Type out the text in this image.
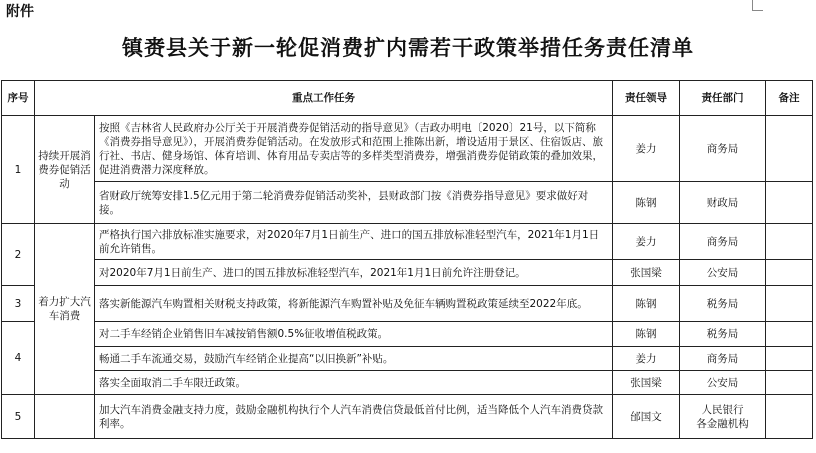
附件
镇赉县关于新一轮促消费扩内需若干政策举措任务责任清单
序号	重点工作任务		责任领导	责任部门	备注
1	持续开展消费券促销活动	按照《吉林省人民政府办公厅关于开展消费券促销活动的指导意见》（吉政办明电〔2020〕21号，以下简称《消费券指导意见》），开展消费券促销活动。在发放形式和范围上推陈出新，增设适用于景区、住宿饭店、旅行社、书店、健身场馆、体育培训、体育用品专卖店等的多样类型消费券，增强消费券促销政策的叠加效果，促进消费潜力深度释放。	姜力	商务局	
		省财政厅统筹安排1.5亿元用于第二轮消费券促销活动奖补，县财政部门按《消费券指导意见》要求做好对接。	陈钢	财政局	
2	着力扩大汽车消费	严格执行国六排放标准实施要求，对2020年7月1日前生产、进口的国五排放标准轻型汽车，2021年1月1日前允许销售。	姜力	商务局	
		对2020年7月1日前生产、进口的国五排放标准轻型汽车，2021年1月1日前允许注册登记。	张国梁	公安局	
3		落实新能源汽车购置相关财税支持政策，将新能源汽车购置补贴及免征车辆购置税政策延续至2022年底。	陈钢	税务局	
4		对二手车经销企业销售旧车减按销售额0.5%征收增值税政策。	陈钢	税务局	
		畅通二手车流通交易，鼓励汽车经销企业提高“以旧换新”补贴。	姜力	商务局	
		落实全面取消二手车限迁政策。	张国梁	公安局	
5		加大汽车消费金融支持力度，鼓励金融机构执行个人汽车消费信贷最低首付比例，适当降低个人汽车消费贷款利率。	邰国文	人民银行
各金融机构	
